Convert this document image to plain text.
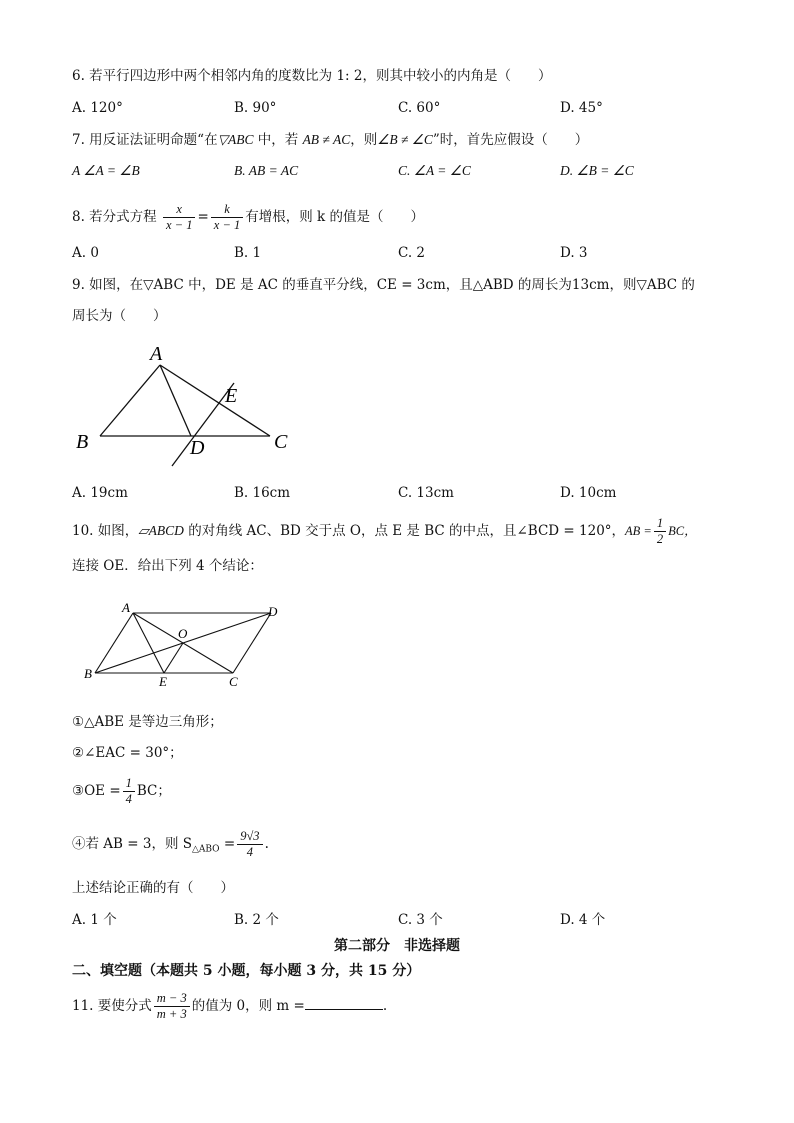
6. 若平行四边形中两个相邻内角的度数比为 1: 2，则其中较小的内角是（　　）
A. 120°	B. 90°	C. 60°	D. 45°
7. 用反证法证明命题“在▽ABC 中，若 AB ≠ AC，则∠B ≠ ∠C”时，首先应假设（　　）
A ∠A = ∠B	B. AB = AC	C. ∠A = ∠C	D. ∠B = ∠C
8. 若分式方程 $\frac{x}{x - 1} = \frac{k}{x - 1}$ 有增根，则 k 的值是（　　）
A. 0	B. 1	C. 2	D. 3
9. 如图，在▽ABC 中，DE 是 AC 的垂直平分线，CE = 3cm，且△ABD 的周长为13cm，则▽ABC 的
周长为（　　）
A
B	C
D
E
A. 19cm	B. 16cm	C. 13cm	D. 10cm
10. 如图，▱ABCD 的对角线 AC、BD 交于点 O，点 E 是 BC 的中点，且∠BCD = 120°，AB = $\frac{1}{2}$ BC，
连接 OE．给出下列 4 个结论：
A	D
O
B
E	C
①△ABE 是等边三角形；
②∠EAC = 30°；
③OE = $\frac{1}{4}$ BC；
④若 AB = 3，则 $S_{\triangle ABO} = \frac{9√3}{4}$ .
上述结论正确的有（　　）
A. 1 个	B. 2 个	C. 3 个	D. 4 个
第二部分　非选择题
二、填空题（本题共 5 小题，每小题 3 分，共 15 分）
11. 要使分式 $\frac{m - 3}{m + 3}$ 的值为 0，则 m =	.
